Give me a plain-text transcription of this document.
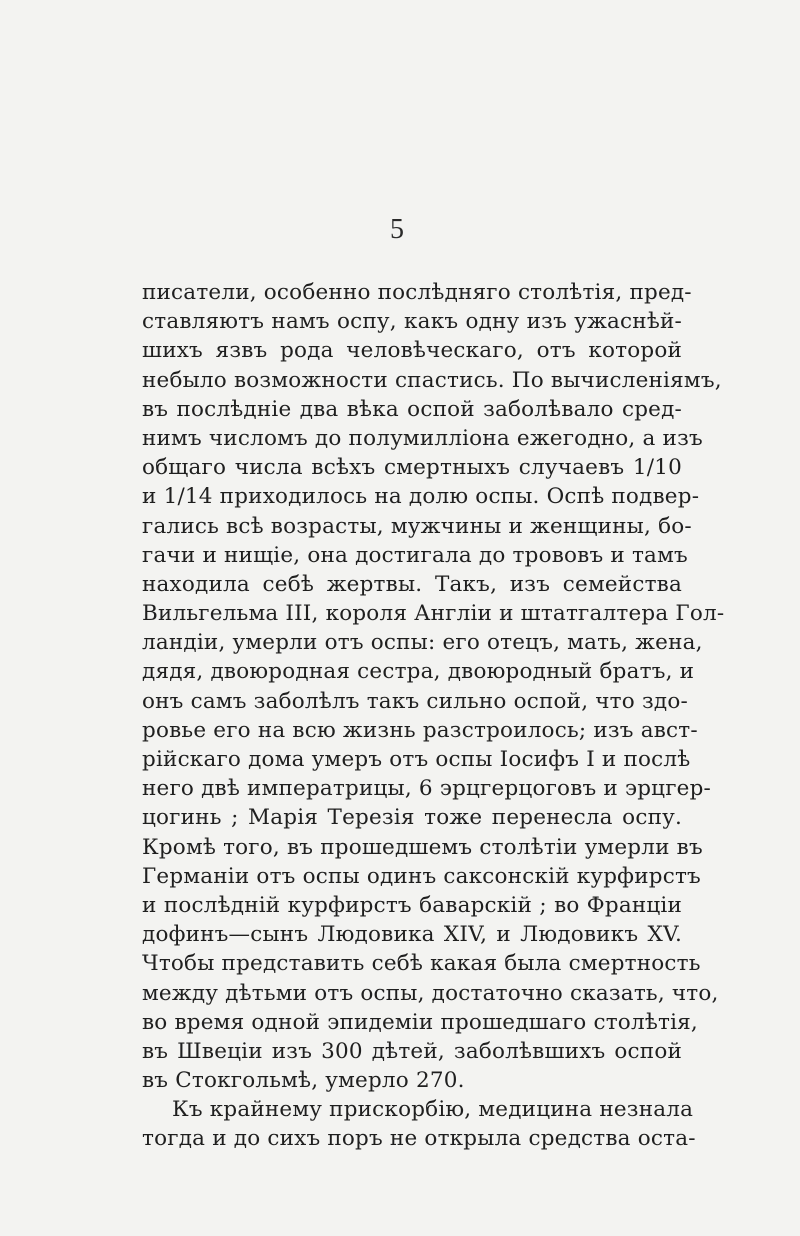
5
писатели, особенно послѣдняго столѣтія, пред-
ставляютъ намъ оспу, какъ одну изъ ужаснѣй-
шихъ язвъ рода человѣческаго, отъ которой
небыло возможности спастись. По вычисленіямъ,
въ послѣдніе два вѣка оспой заболѣвало сред-
нимъ числомъ до полумилліона ежегодно, а изъ
общаго числа всѣхъ смертныхъ случаевъ 1/10
и 1/14 приходилось на долю оспы. Оспѣ подвер-
гались всѣ возрасты, мужчины и женщины, бо-
гачи и нищіе, она достигала до трововъ и тамъ
находила себѣ жертвы. Такъ, изъ семейства
Вильгельма III, короля Англіи и штатгалтера Гол-
ландіи, умерли отъ оспы: его отецъ, мать, жена,
дядя, двоюродная сестра, двоюродный братъ, и
онъ самъ заболѣлъ такъ сильно оспой, что здо-
ровье его на всю жизнь разстроилось; изъ авст-
рійскаго дома умеръ отъ оспы Іосифъ I и послѣ
него двѣ императрицы, 6 эрцгерцоговъ и эрцгер-
цогинь ; Марія Терезія тоже перенесла оспу.
Кромѣ того, въ прошедшемъ столѣтіи умерли въ
Германіи отъ оспы одинъ саксонскій курфирстъ
и послѣдній курфирстъ баварскій ; во Франціи
дофинъ—сынъ Людовика XIV, и Людовикъ XV.
Чтобы представить себѣ какая была смертность
между дѣтьми отъ оспы, достаточно сказать, что,
во время одной эпидеміи прошедшаго столѣтія,
въ Швеціи изъ 300 дѣтей, заболѣвшихъ оспой
въ Стокгольмѣ, умерло 270.
Къ крайнему прискорбію, медицина незнала
тогда и до сихъ поръ не открыла средства оста-
